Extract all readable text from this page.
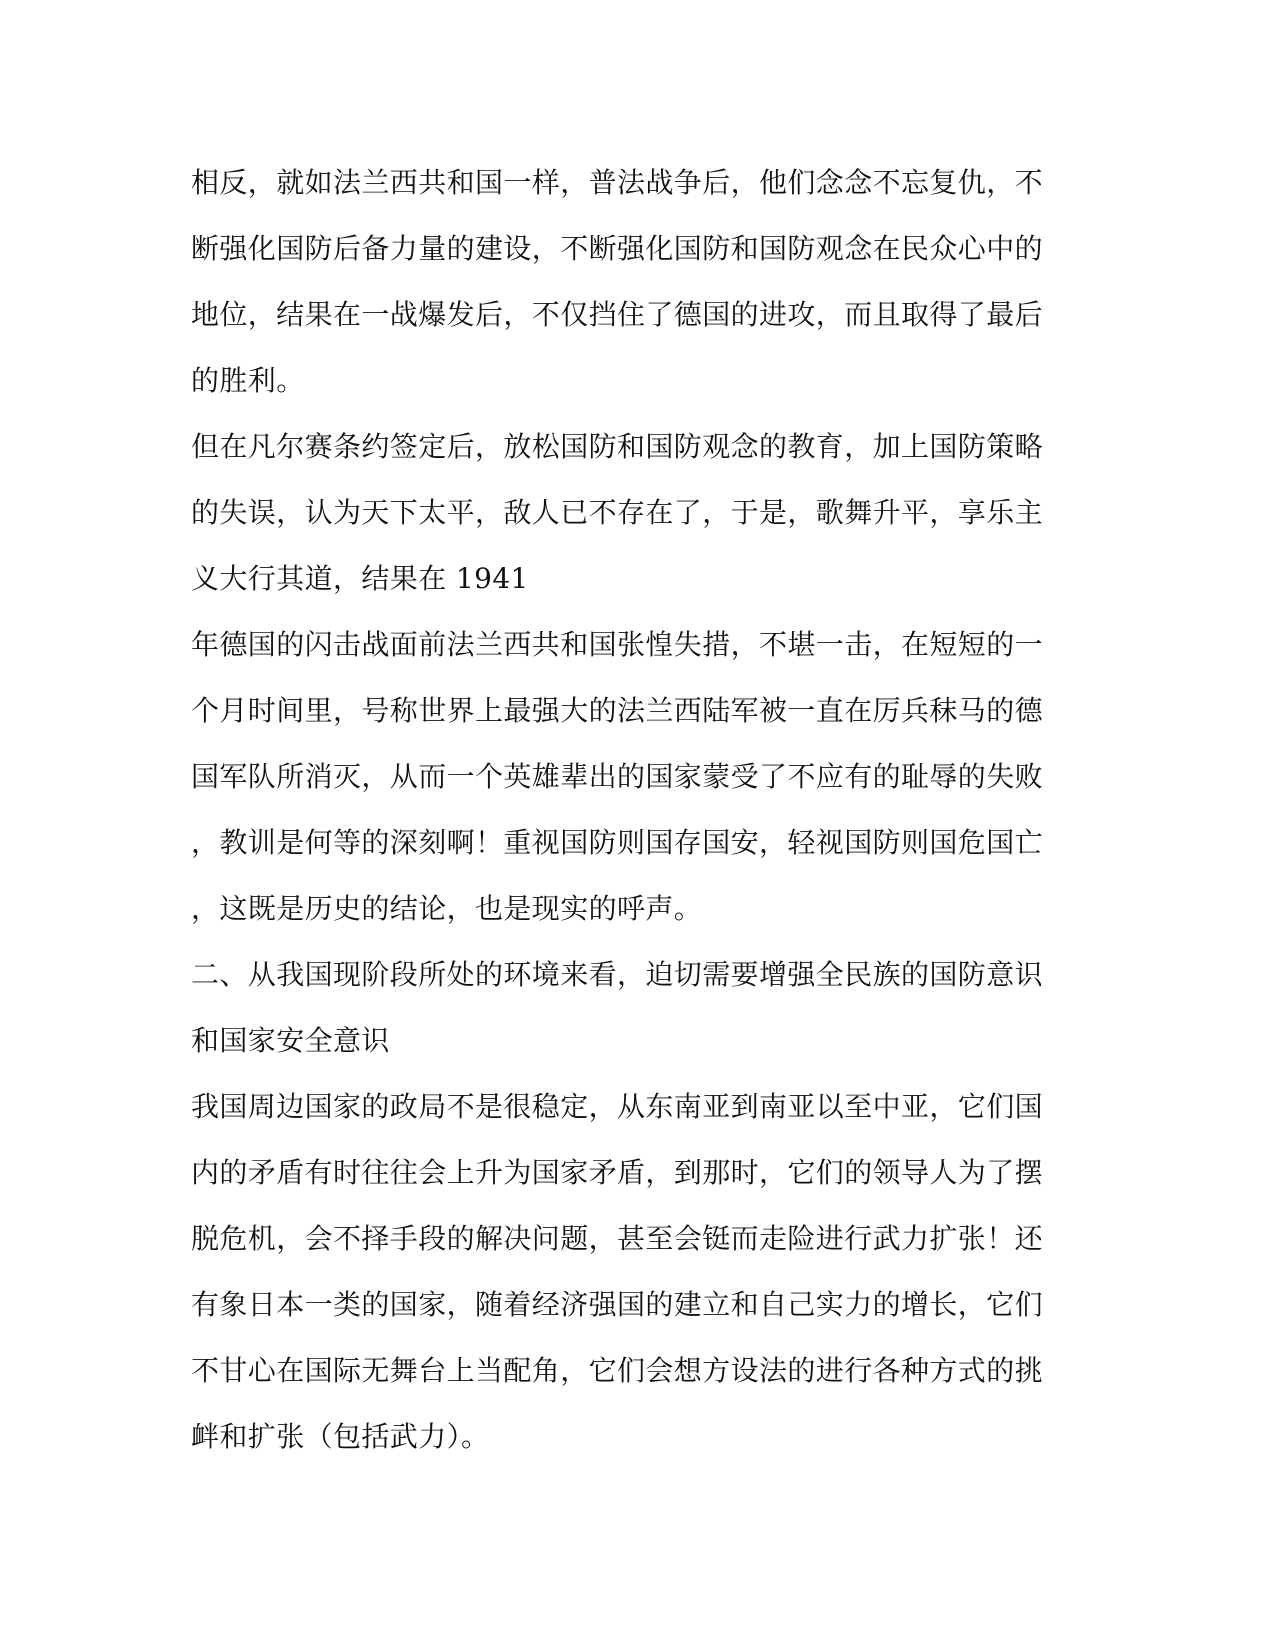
相反，就如法兰西共和国一样，普法战争后，他们念念不忘复仇，不
断强化国防后备力量的建设，不断强化国防和国防观念在民众心中的
地位，结果在一战爆发后，不仅挡住了德国的进攻，而且取得了最后
的胜利。
但在凡尔赛条约签定后，放松国防和国防观念的教育，加上国防策略
的失误，认为天下太平，敌人已不存在了，于是，歌舞升平，享乐主
义大行其道，结果在 1941
年德国的闪击战面前法兰西共和国张惶失措，不堪一击，在短短的一
个月时间里，号称世界上最强大的法兰西陆军被一直在厉兵秣马的德
国军队所消灭，从而一个英雄辈出的国家蒙受了不应有的耻辱的失败
，教训是何等的深刻啊！重视国防则国存国安，轻视国防则国危国亡
，这既是历史的结论，也是现实的呼声。
二、从我国现阶段所处的环境来看，迫切需要增强全民族的国防意识
和国家安全意识
我国周边国家的政局不是很稳定，从东南亚到南亚以至中亚，它们国
内的矛盾有时往往会上升为国家矛盾，到那时，它们的领导人为了摆
脱危机，会不择手段的解决问题，甚至会铤而走险进行武力扩张！还
有象日本一类的国家，随着经济强国的建立和自己实力的增长，它们
不甘心在国际无舞台上当配角，它们会想方设法的进行各种方式的挑
衅和扩张（包括武力）。
